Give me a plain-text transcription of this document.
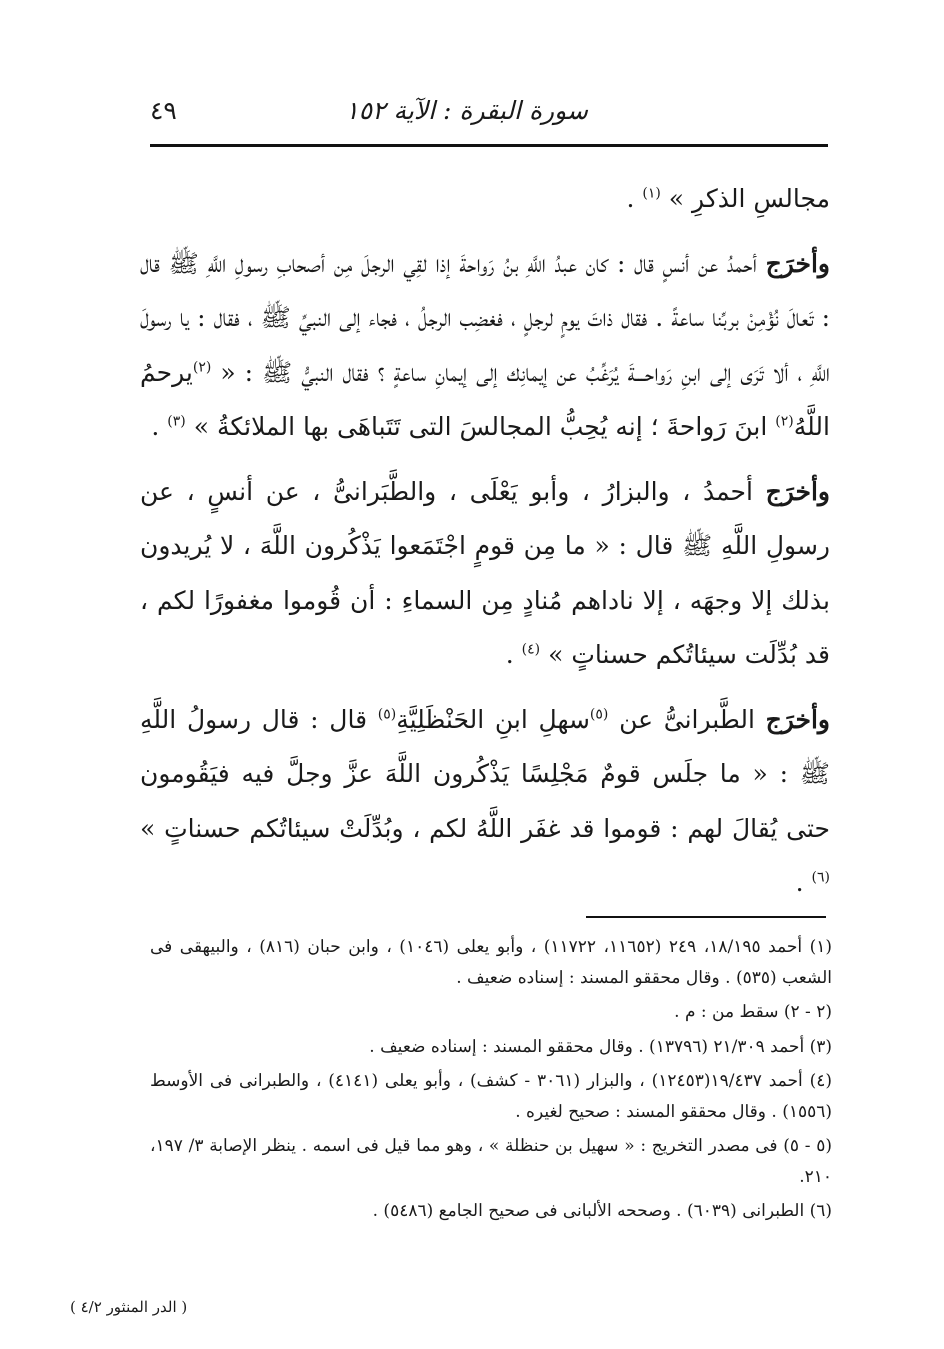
سورة البقرة : الآية ١٥٢
٤٩

مجالسِ الذكرِ » $^{(١)}$ .

وأخرَج أحمدُ عن أنسٍ قال : كان عبدُ اللَّهِ بنُ رَواحةَ إذا لقِي الرجلَ مِن أصحابِ رسولِ اللَّهِ ﷺ قال : تَعالَ نُؤْمِنْ بربِّنا ساعةً . فقال ذاتَ يومٍ لرجلٍ ، فغضِب الرجلُ ، فجاء إلى النبيِّ ﷺ ، فقال : يا رسولَ اللَّهِ ، ألا تَرَى إلى ابنِ رَواحـــةَ يُرَغِّبُ عن إيمانِك إلى إيمانِ ساعةٍ ؟ فقال النبيُّ ﷺ : « $^{(٢)}$يرحمُ اللَّهُ$^{(٢)}$ ابنَ رَواحةَ ؛ إنه يُحِبُّ المجالسَ التى تَتَباهَى بها الملائكةُ » $^{(٣)}$ .

وأخرَج أحمدُ ، والبزارُ ، وأبو يَعْلَى ، والطَّبَرانىُّ ، عن أنسٍ ، عن رسولِ اللَّهِ ﷺ قال : « ما مِن قومٍ اجْتَمَعوا يَذْكُرون اللَّهَ ، لا يُريدون بذلك إلا وجهَه ، إلا ناداهم مُنادٍ مِن السماءِ : أن قُوموا مغفورًا لكم ، قد بُدِّلَت سيئاتُكم حسناتٍ » $^{(٤)}$ .

وأخرَج الطَّبرانىُّ عن $^{(٥)}$سهلِ ابنِ الحَنْظَلِيَّةِ$^{(٥)}$ قال : قال رسولُ اللَّهِ ﷺ : « ما جلَس قومٌ مَجْلِسًا يَذْكُرون اللَّهَ عزَّ وجلَّ فيه فيَقُومون حتى يُقالَ لهم : قوموا قد غفَر اللَّهُ لكم ، وبُدِّلَتْ سيئاتُكم حسناتٍ » $^{(٦)}$ .

(١) أحمد ١٨/١٩٥، ٢٤٩ (١١٦٥٢، ١١٧٢٢) ، وأبو يعلى (١٠٤٦) ، وابن حبان (٨١٦) ، والبيهقى فى الشعب (٥٣٥) . وقال محققو المسند : إسناده ضعيف .

(٢ - ٢) سقط من : م .

(٣) أحمد ٢١/٣٠٩ (١٣٧٩٦) . وقال محققو المسند : إسناده ضعيف .

(٤) أحمد ١٩/٤٣٧(١٢٤٥٣) ، والبزار (٣٠٦١ - كشف) ، وأبو يعلى (٤١٤١) ، والطبرانى فى الأوسط (١٥٥٦) . وقال محققو المسند : صحيح لغيره .

(٥ - ٥) فى مصدر التخريج : « سهيل بن حنظلة » ، وهو مما قيل فى اسمه . ينظر الإصابة ٣/ ١٩٧، ٢١٠.

(٦) الطبرانى (٦٠٣٩) . وصححه الألبانى فى صحيح الجامع (٥٤٨٦) .

( الدر المنثور ٤/٢ )
